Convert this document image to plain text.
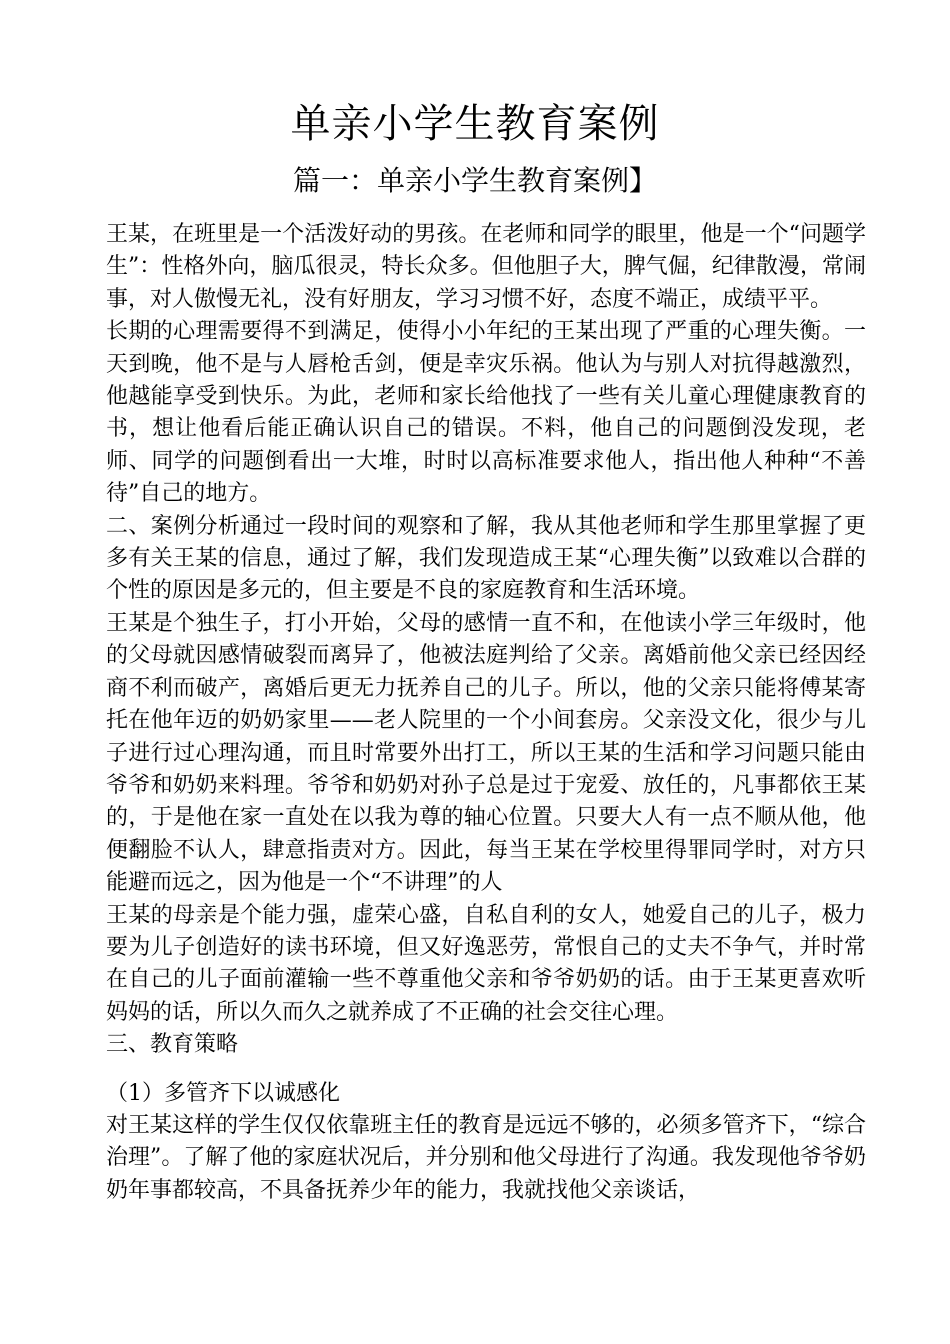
单亲小学生教育案例
篇一：单亲小学生教育案例】

王某，在班里是一个活泼好动的男孩。在老师和同学的眼里，他是一个“问题学生”：性格外向，脑瓜很灵，特长众多。但他胆子大，脾气倔，纪律散漫，常闹事，对人傲慢无礼，没有好朋友，学习习惯不好，态度不端正，成绩平平。

长期的心理需要得不到满足，使得小小年纪的王某出现了严重的心理失衡。一天到晚，他不是与人唇枪舌剑，便是幸灾乐祸。他认为与别人对抗得越激烈，他越能享受到快乐。为此，老师和家长给他找了一些有关儿童心理健康教育的书，想让他看后能正确认识自己的错误。不料，他自己的问题倒没发现，老师、同学的问题倒看出一大堆，时时以高标准要求他人，指出他人种种“不善待”自己的地方。

二、案例分析通过一段时间的观察和了解，我从其他老师和学生那里掌握了更多有关王某的信息，通过了解，我们发现造成王某“心理失衡”以致难以合群的个性的原因是多元的，但主要是不良的家庭教育和生活环境。

王某是个独生子，打小开始，父母的感情一直不和，在他读小学三年级时，他的父母就因感情破裂而离异了，他被法庭判给了父亲。离婚前他父亲已经因经商不利而破产，离婚后更无力抚养自己的儿子。所以，他的父亲只能将傅某寄托在他年迈的奶奶家里——老人院里的一个小间套房。父亲没文化，很少与儿子进行过心理沟通，而且时常要外出打工，所以王某的生活和学习问题只能由爷爷和奶奶来料理。爷爷和奶奶对孙子总是过于宠爱、放任的，凡事都依王某的，于是他在家一直处在以我为尊的轴心位置。只要大人有一点不顺从他，他便翻脸不认人，肆意指责对方。因此，每当王某在学校里得罪同学时，对方只能避而远之，因为他是一个“不讲理”的人

王某的母亲是个能力强，虚荣心盛，自私自利的女人，她爱自己的儿子，极力要为儿子创造好的读书环境，但又好逸恶劳，常恨自己的丈夫不争气，并时常在自己的儿子面前灌输一些不尊重他父亲和爷爷奶奶的话。由于王某更喜欢听妈妈的话，所以久而久之就养成了不正确的社会交往心理。

三、教育策略

（1）多管齐下以诚感化

对王某这样的学生仅仅依靠班主任的教育是远远不够的，必须多管齐下，“综合治理”。了解了他的家庭状况后，并分别和他父母进行了沟通。我发现他爷爷奶奶年事都较高，不具备抚养少年的能力，我就找他父亲谈话，
